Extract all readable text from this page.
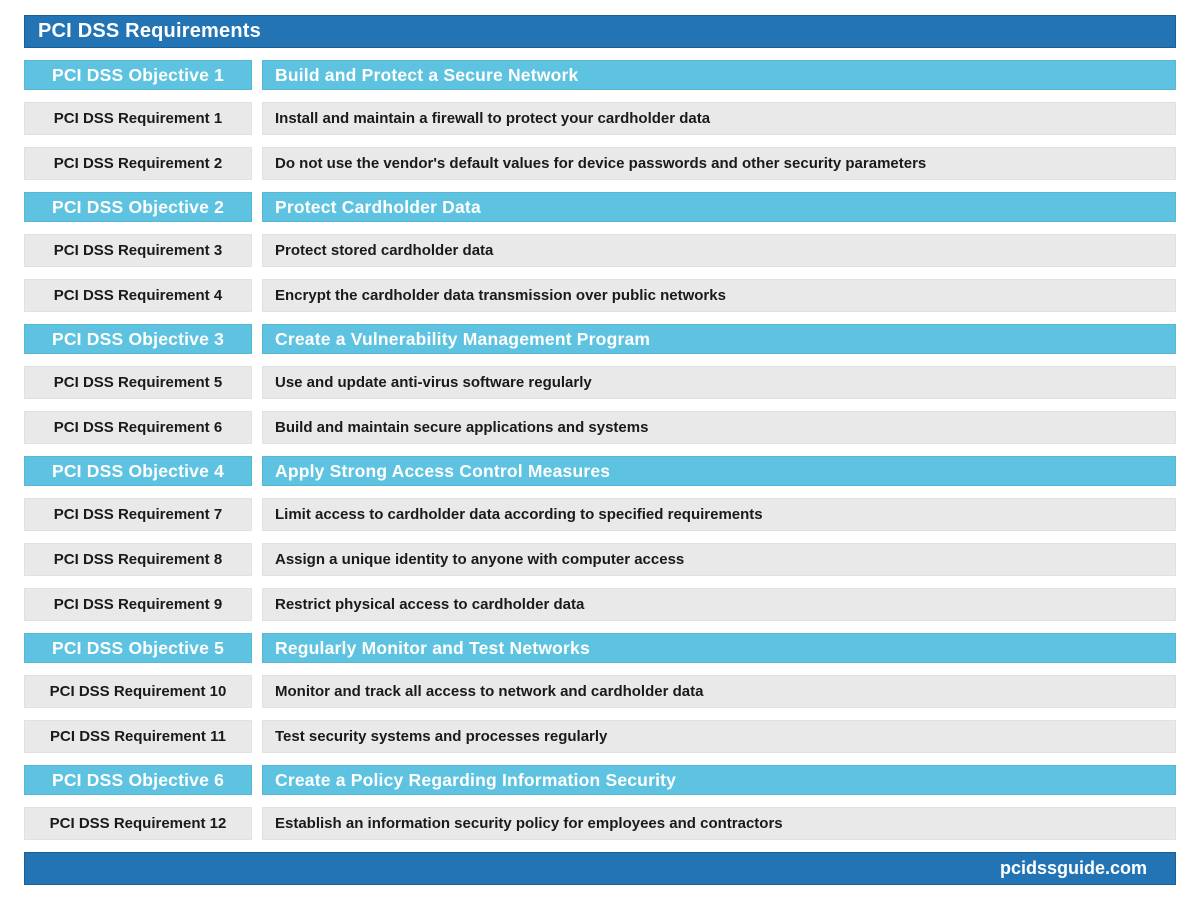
PCI DSS Requirements
PCI DSS Objective 1	Build and Protect a Secure Network
PCI DSS Requirement 1	Install and maintain a firewall to protect your cardholder data
PCI DSS Requirement 2	Do not use the vendor's default values for device passwords and other security parameters
PCI DSS Objective 2	Protect Cardholder Data
PCI DSS Requirement 3	Protect stored cardholder data
PCI DSS Requirement 4	Encrypt the cardholder data transmission over public networks
PCI DSS Objective 3	Create a Vulnerability Management Program
PCI DSS Requirement 5	Use and update anti-virus software regularly
PCI DSS Requirement 6	Build and maintain secure applications and systems
PCI DSS Objective 4	Apply Strong Access Control Measures
PCI DSS Requirement 7	Limit access to cardholder data according to specified requirements
PCI DSS Requirement 8	Assign a unique identity to anyone with computer access
PCI DSS Requirement 9	Restrict physical access to cardholder data
PCI DSS Objective 5	Regularly Monitor and Test Networks
PCI DSS Requirement 10	Monitor and track all access to network and cardholder data
PCI DSS Requirement 11	Test security systems and processes regularly
PCI DSS Objective 6	Create a Policy Regarding Information Security
PCI DSS Requirement 12	Establish an information security policy for employees and contractors
pcidssguide.com
